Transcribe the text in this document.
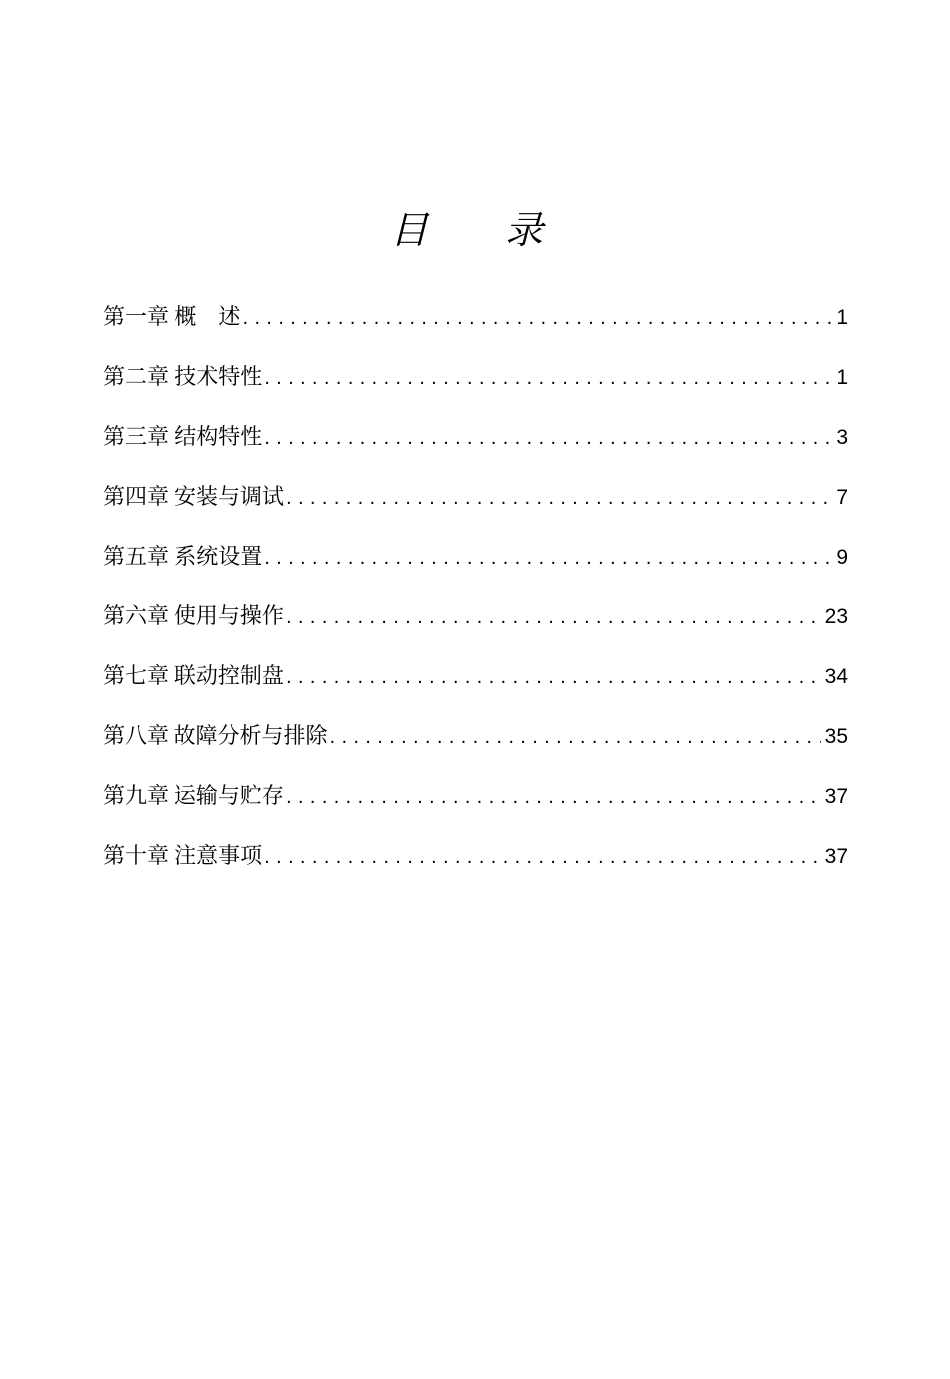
目 录
第一章 概　述 .....	1
第二章 技术特性 .....	1
第三章 结构特性 .....	3
第四章 安装与调试 .....	7
第五章 系统设置 .....	9
第六章 使用与操作 .....	23
第七章 联动控制盘 .....	34
第八章 故障分析与排除 .....	35
第九章 运输与贮存 .....	37
第十章 注意事项 .....	37
